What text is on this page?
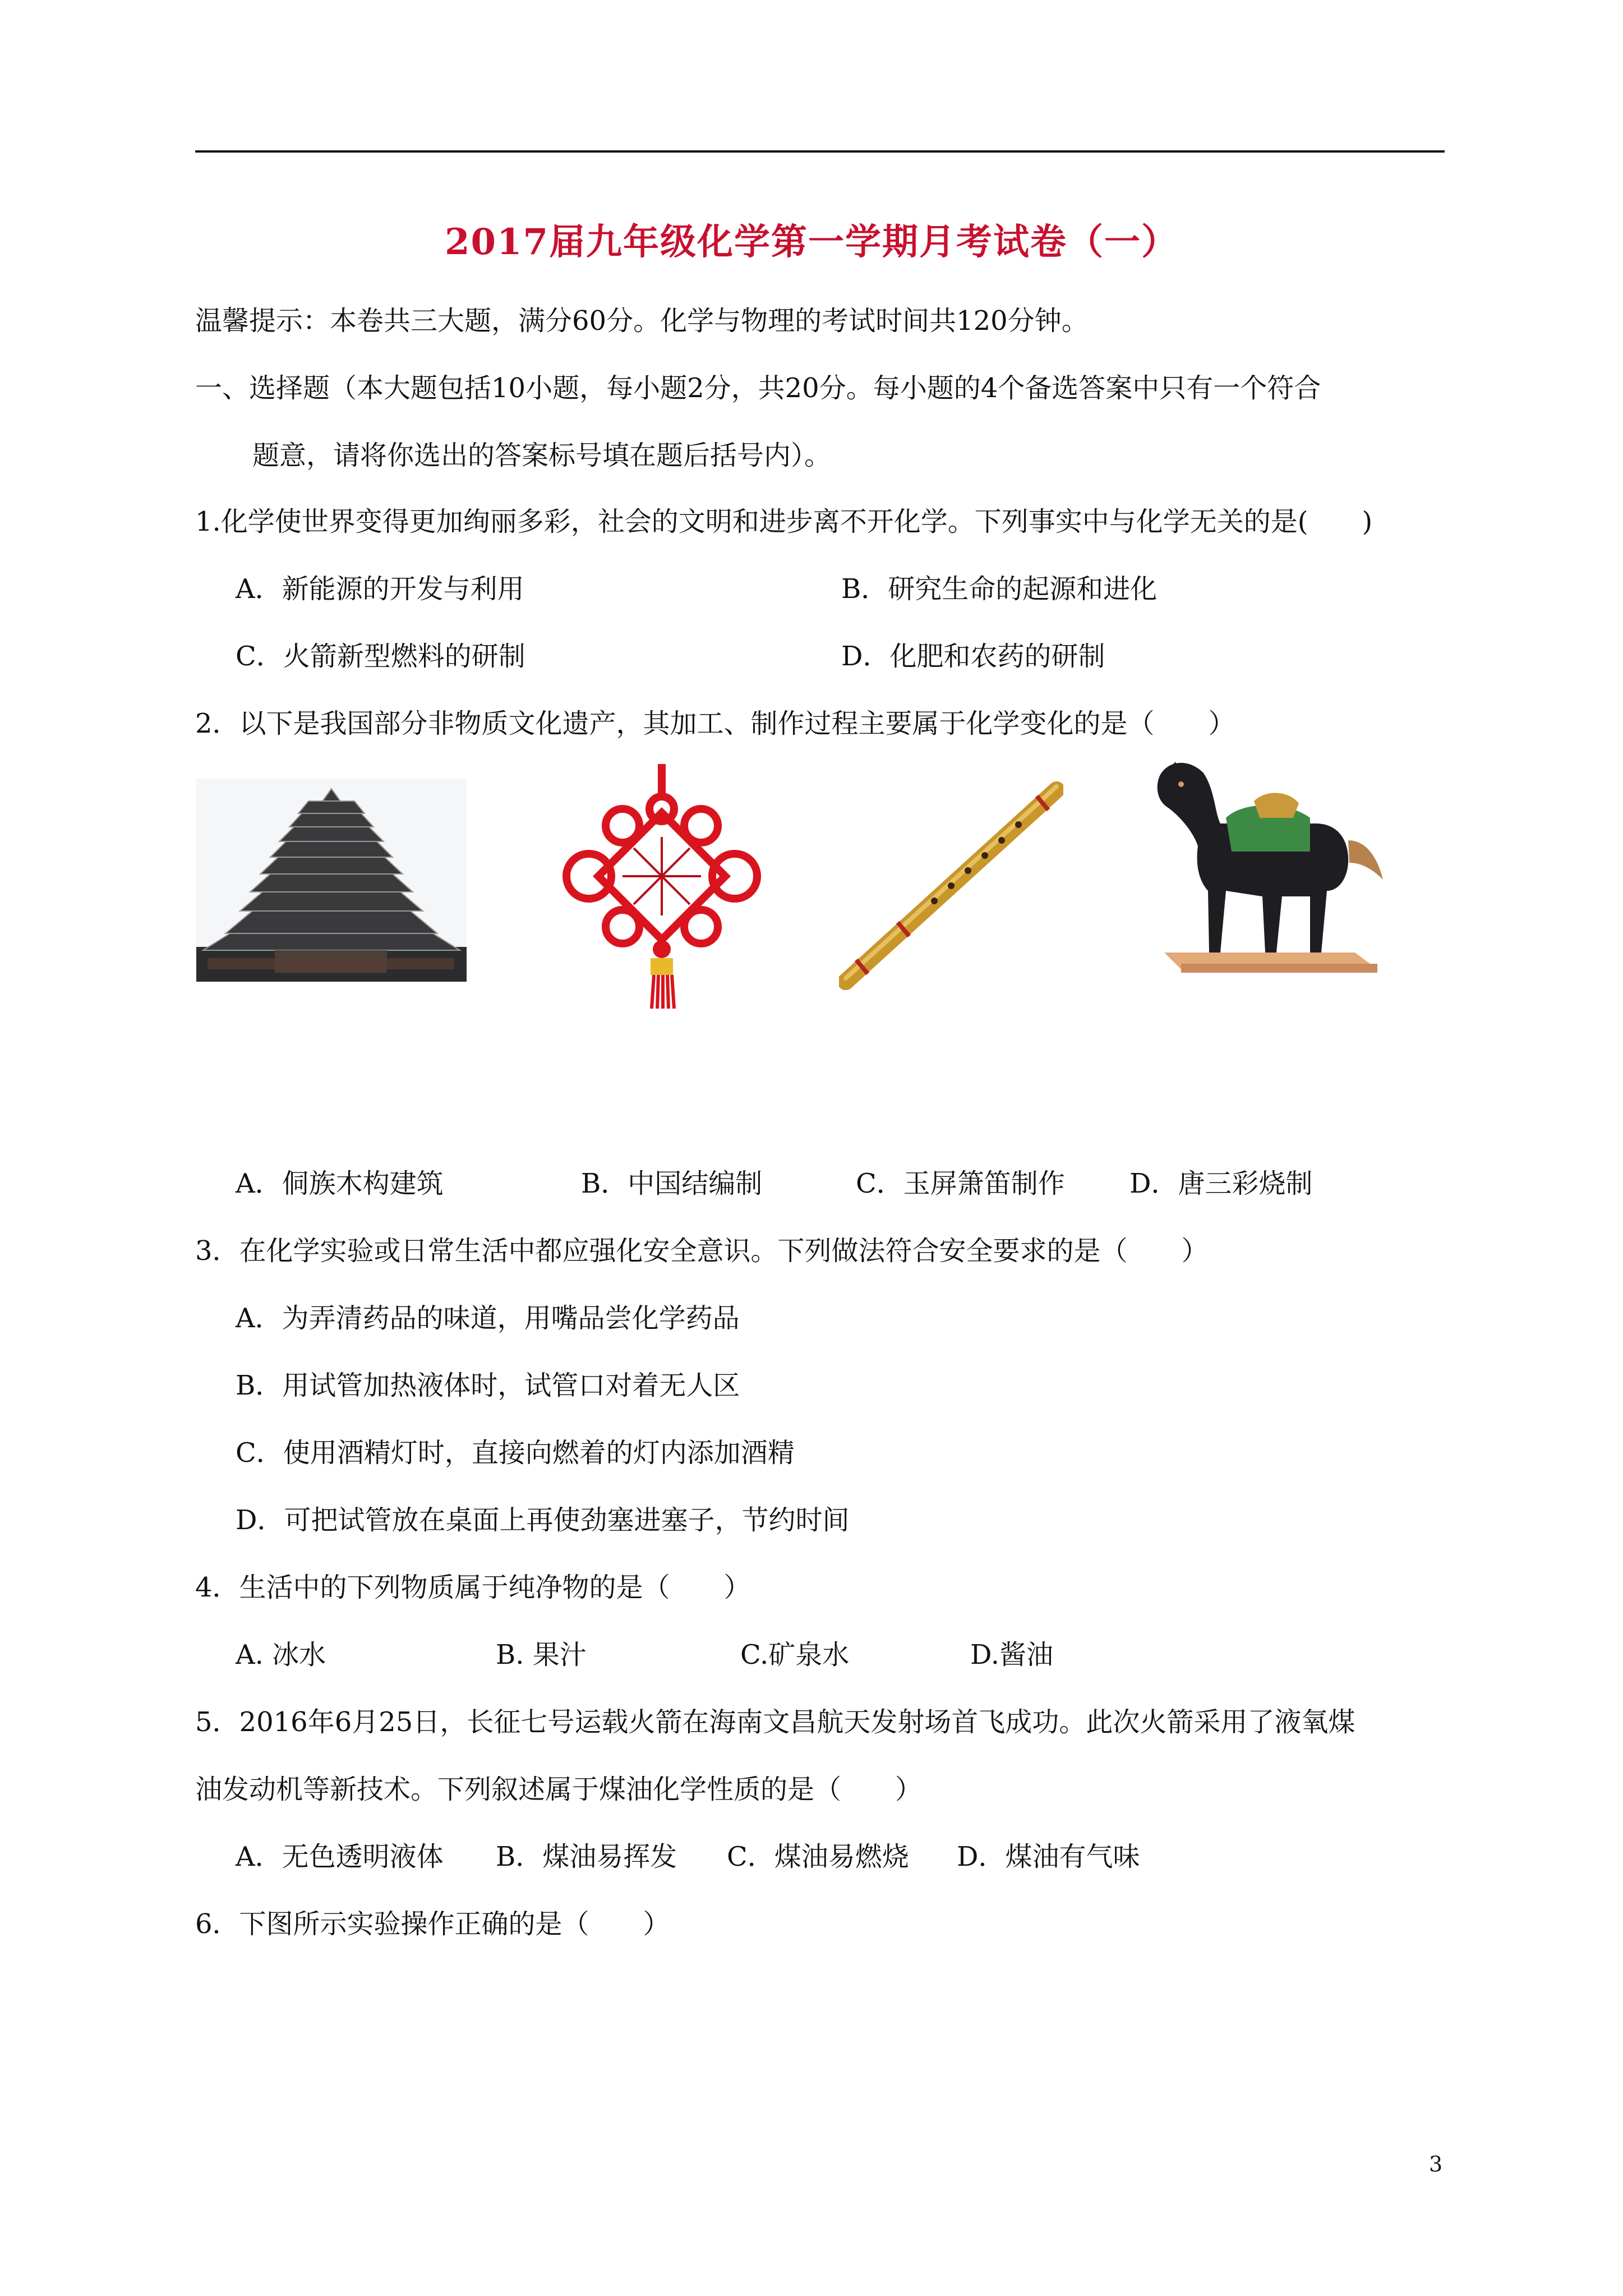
2017届九年级化学第一学期月考试卷（一）
温馨提示：本卷共三大题，满分60分。化学与物理的考试时间共120分钟。
一、选择题（本大题包括10小题，每小题2分，共20分。每小题的4个备选答案中只有一个符合
题意，请将你选出的答案标号填在题后括号内）。
1.化学使世界变得更加绚丽多彩，社会的文明和进步离不开化学。下列事实中与化学无关的是(　　)
A．新能源的开发与利用	B．研究生命的起源和进化
C．火箭新型燃料的研制	D．化肥和农药的研制
2．以下是我国部分非物质文化遗产，其加工、制作过程主要属于化学变化的是（　　）
A．侗族木构建筑	B．中国结编制	C．玉屏箫笛制作 D．唐三彩烧制
3．在化学实验或日常生活中都应强化安全意识。下列做法符合安全要求的是（　　）
A．为弄清药品的味道，用嘴品尝化学药品
B．用试管加热液体时，试管口对着无人区
C．使用酒精灯时，直接向燃着的灯内添加酒精
D．可把试管放在桌面上再使劲塞进塞子，节约时间
4．生活中的下列物质属于纯净物的是（　　）
A. 冰水	B. 果汁	C.矿泉水	D.酱油
5．2016年6月25日，长征七号运载火箭在海南文昌航天发射场首飞成功。此次火箭采用了液氧煤
油发动机等新技术。下列叙述属于煤油化学性质的是（　　）
A．无色透明液体 B．煤油易挥发 C．煤油易燃烧 D．煤油有气味
6．下图所示实验操作正确的是（　　）
3
